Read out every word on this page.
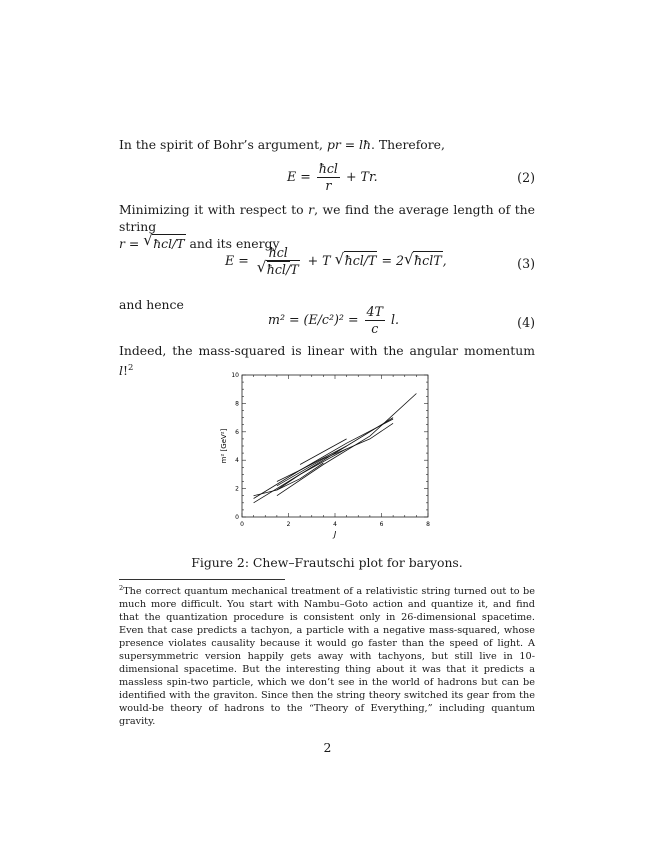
In the spirit of Bohr’s argument, pr = lħ. Therefore,
$E = \frac{\text{ħcl}}{r} + Tr$.	(2)
Minimizing it with respect to r, we find the average length of the string
r = √ ħcl/T and its energy
$E = \frac{\text{ħcl}}{\text{√ ħcl/T}} + T$ √ ħcl/T = 2 √ ħclT,	(3)
and hence
$m^2 = (E/c^2)^2 = \frac{4T}{c} l$.	(4)
Indeed, the mass-squared is linear with the angular momentum l!$^2$
0	2	4	6	8
0
2
4
6
8
10
J
m² [GeV²]
Figure 2: Chew–Frautschi plot for baryons.
$^2$The correct quantum mechanical treatment of a relativistic string turned out to be much more difficult. You start with Nambu–Goto action and quantize it, and find that the quantization procedure is consistent only in 26-dimensional spacetime. Even that case predicts a tachyon, a particle with a negative mass-squared, whose presence violates causality because it would go faster than the speed of light. A supersymmetric version happily gets away with tachyons, but still live in 10-dimensional spacetime. But the interesting thing about it was that it predicts a massless spin-two particle, which we don’t see in the world of hadrons but can be identified with the graviton. Since then the string theory switched its gear from the would-be theory of hadrons to the “Theory of Everything,” including quantum gravity.
2
